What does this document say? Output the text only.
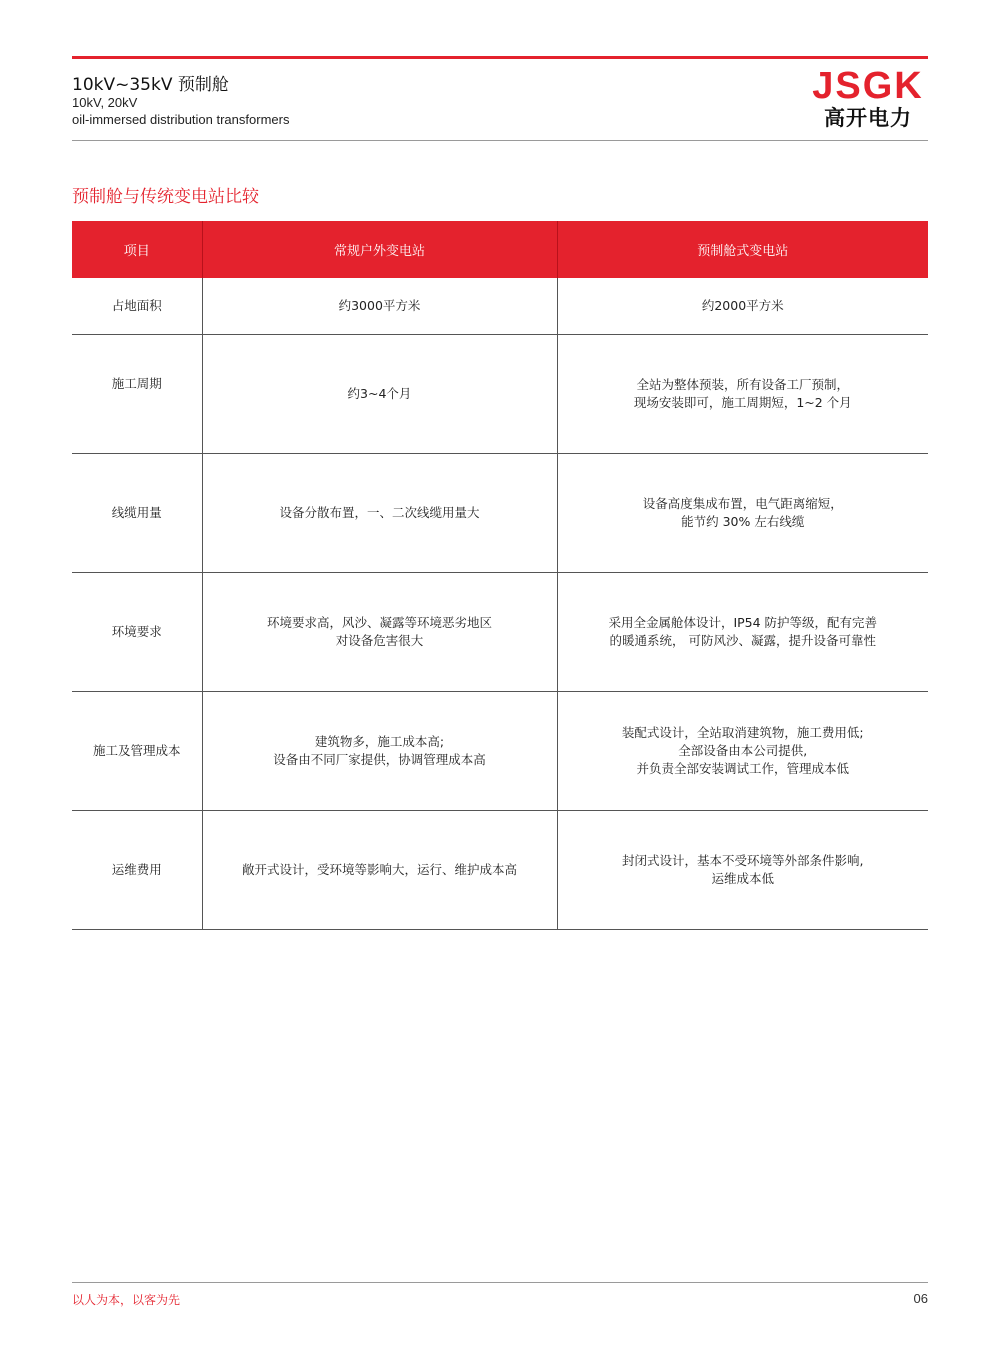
10kV~35kV 预制舱
10kV, 20kV
oil-immersed distribution transformers
JSGK
高开电力
预制舱与传统变电站比较
项目	常规户外变电站	预制舱式变电站
占地面积	约3000平方米	约2000平方米

施工周期	约3~4个月	全站为整体预装，所有设备工厂预制，
现场安装即可，施工周期短，1~2 个月

线缆用量	设备分散布置，一、二次线缆用量大	设备高度集成布置，电气距离缩短，
能节约 30% 左右线缆

环境要求	环境要求高，风沙、凝露等环境恶劣地区
对设备危害很大	采用全金属舱体设计，IP54 防护等级，配有完善
的暖通系统， 可防风沙、凝露，提升设备可靠性

施工及管理成本	建筑物多，施工成本高;
设备由不同厂家提供，协调管理成本高	装配式设计，全站取消建筑物，施工费用低;
全部设备由本公司提供,
并负责全部安装调试工作，管理成本低

运维费用	敞开式设计，受环境等影响大，运行、维护成本高	封闭式设计，基本不受环境等外部条件影响,
运维成本低
以人为本，以客为先	06
